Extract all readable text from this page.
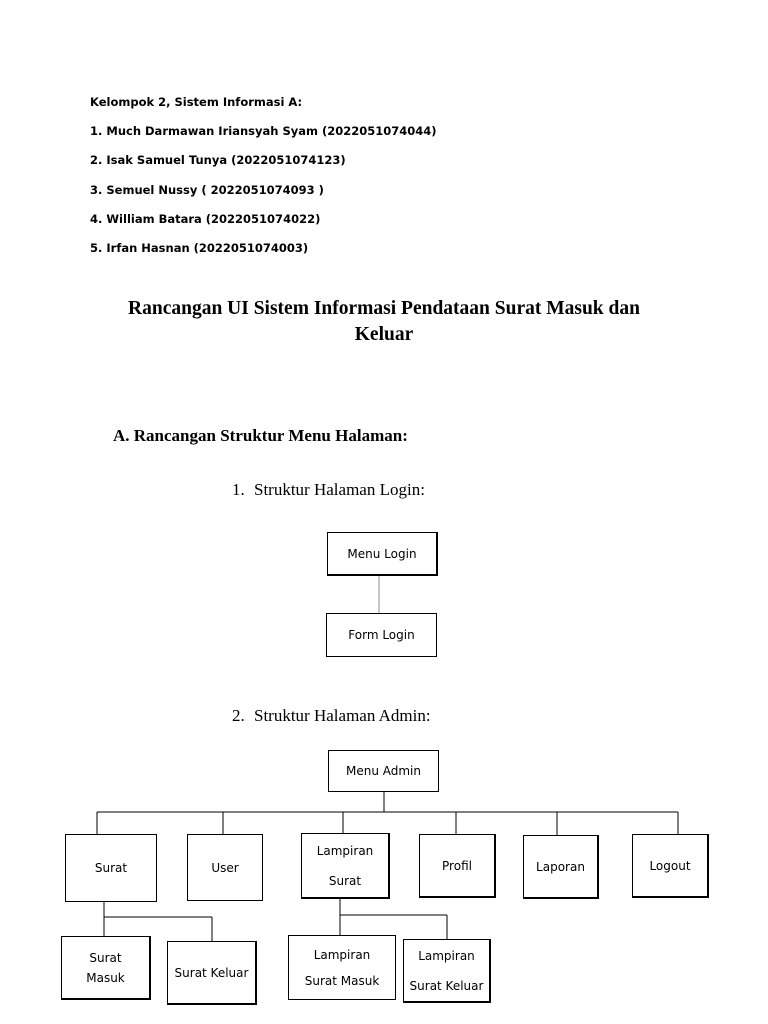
Kelompok 2, Sistem Informasi A:
1. Much Darmawan Iriansyah Syam (2022051074044)
2. Isak Samuel Tunya (2022051074123)
3. Semuel Nussy ( 2022051074093 )
4. William Batara (2022051074022)
5. Irfan Hasnan (2022051074003)
Rancangan UI Sistem Informasi Pendataan Surat Masuk dan Keluar
A. Rancangan Struktur Menu Halaman:
1. Struktur Halaman Login:
Menu Login
Form Login
2. Struktur Halaman Admin:
Menu Admin
Surat	User
Lampiran
Surat
Profil	Laporan	Logout
Surat
Masuk	Surat Keluar
Lampiran
Surat Masuk
Lampiran
Surat Keluar
